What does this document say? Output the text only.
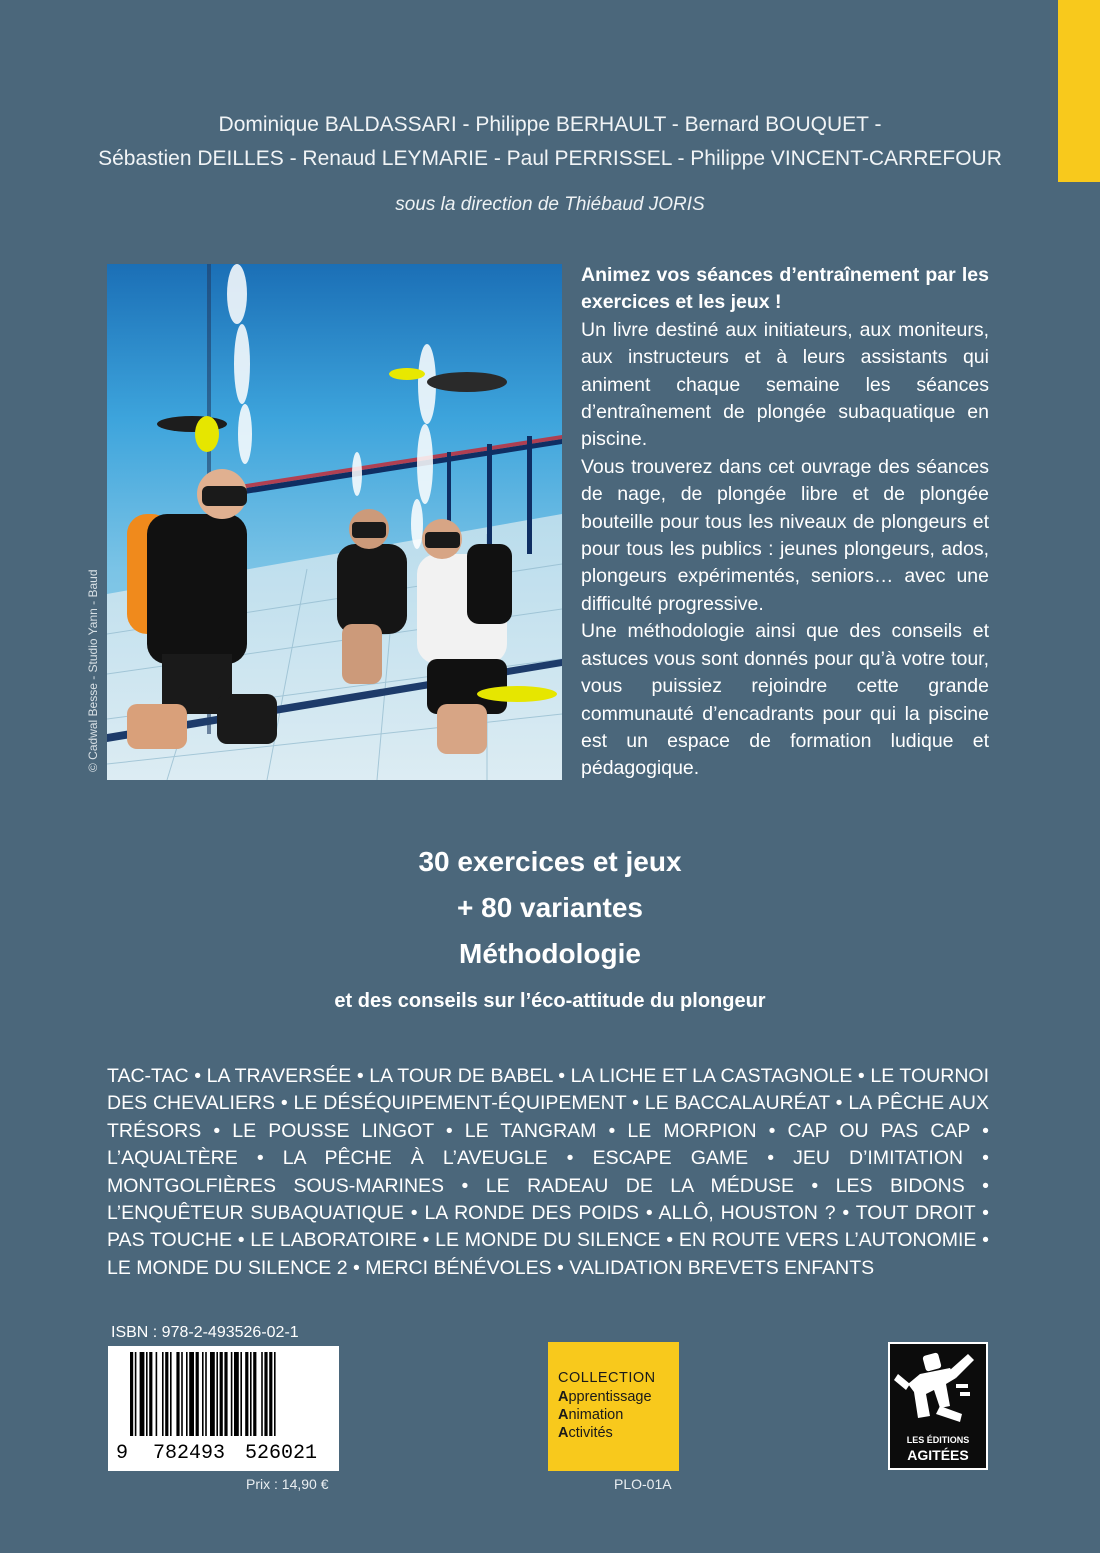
Dominique BALDASSARI - Philippe BERHAULT - Bernard BOUQUET -
Sébastien DEILLES - Renaud LEYMARIE - Paul PERRISSEL - Philippe VINCENT-CARREFOUR
sous la direction de Thiébaud JORIS
© Cadwal Besse - Studio Yann - Baud

Animez vos séances d’entraînement par les exercices et les jeux !

Un livre destiné aux initiateurs, aux moniteurs, aux instructeurs et à leurs assistants qui animent chaque semaine les séances d’entraînement de plongée subaquatique en piscine.

Vous trouverez dans cet ouvrage des séances de nage, de plongée libre et de plongée bouteille pour tous les niveaux de plongeurs et pour tous les publics : jeunes plongeurs, ados, plongeurs expérimentés, seniors… avec une difficulté progressive.

Une méthodologie ainsi que des conseils et astuces vous sont donnés pour qu’à votre tour, vous puissiez rejoindre cette grande communauté d’encadrants pour qui la piscine est un espace de formation ludique et pédagogique.

30 exercices et jeux
+ 80 variantes
Méthodologie
et des conseils sur l’éco-attitude du plongeur
TAC-TAC • LA TRAVERSÉE • LA TOUR DE BABEL • LA LICHE ET LA CASTAGNOLE • LE TOURNOI DES CHEVALIERS • LE DÉSÉQUIPEMENT-ÉQUIPEMENT • LE BACCALAURÉAT • LA PÊCHE AUX TRÉSORS • LE POUSSE LINGOT • LE TANGRAM • LE MORPION • CAP OU PAS CAP • L’AQUALTÈRE • LA PÊCHE À L’AVEUGLE • ESCAPE GAME • JEU D’IMITATION • MONTGOLFIÈRES SOUS-MARINES • LE RADEAU DE LA MÉDUSE • LES BIDONS • L’ENQUÊTEUR SUBAQUATIQUE • LA RONDE DES POIDS • ALLÔ, HOUSTON ? • TOUT DROIT • PAS TOUCHE • LE LABORATOIRE • LE MONDE DU SILENCE • EN ROUTE VERS L’AUTONOMIE • LE MONDE DU SILENCE 2 • MERCI BÉNÉVOLES • VALIDATION BREVETS ENFANTS
ISBN : 978-2-493526-02-1
9 782493 526021
Prix : 14,90 €
COLLECTION
Apprentissage
Animation
Activités
PLO-01A
LES ÉDITIONS
AGITÉES
